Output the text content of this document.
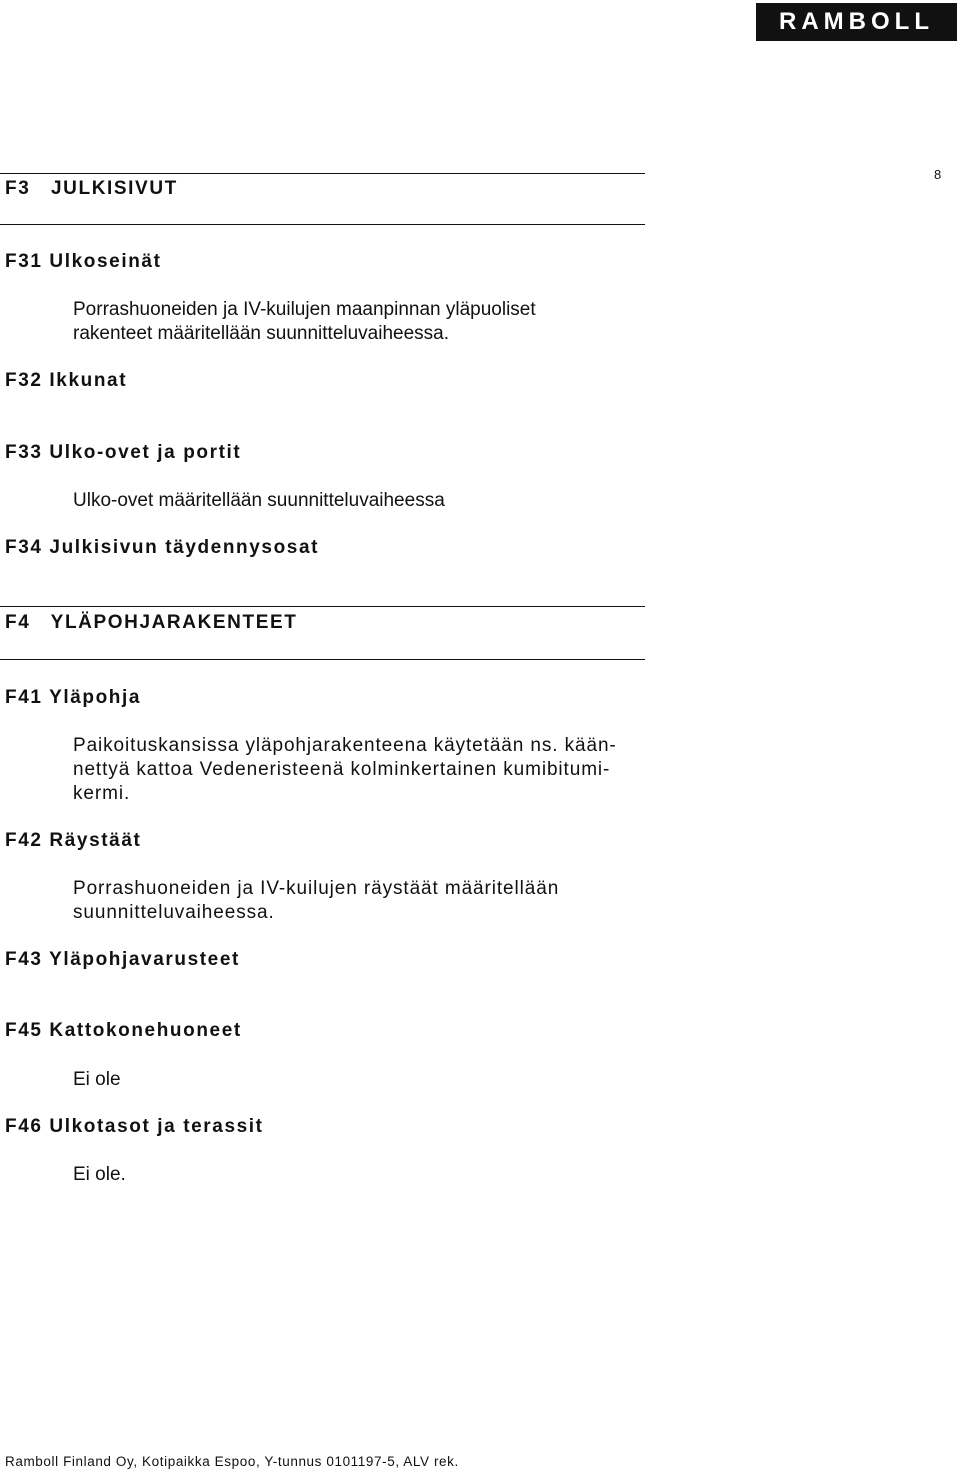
RAMBOLL
8
F3   JULKISIVUT
F31 Ulkoseinät
Porrashuoneiden ja IV-kuilujen maanpinnan yläpuoliset
rakenteet määritellään suunnitteluvaiheessa.
F32 Ikkunat
F33 Ulko-ovet ja portit
Ulko-ovet määritellään suunnitteluvaiheessa
F34 Julkisivun täydennysosat
F4   YLÄPOHJARAKENTEET
F41 Yläpohja
Paikoituskansissa yläpohjarakenteena käytetään ns. kään-
nettyä kattoa Vedeneristeenä kolminkertainen kumibitumi-
kermi.
F42 Räystäät
Porrashuoneiden ja IV-kuilujen räystäät määritellään
suunnitteluvaiheessa.
F43 Yläpohjavarusteet
F45 Kattokonehuoneet
Ei ole
F46 Ulkotasot ja terassit
Ei ole.
Ramboll Finland Oy, Kotipaikka Espoo, Y-tunnus 0101197-5, ALV rek.
